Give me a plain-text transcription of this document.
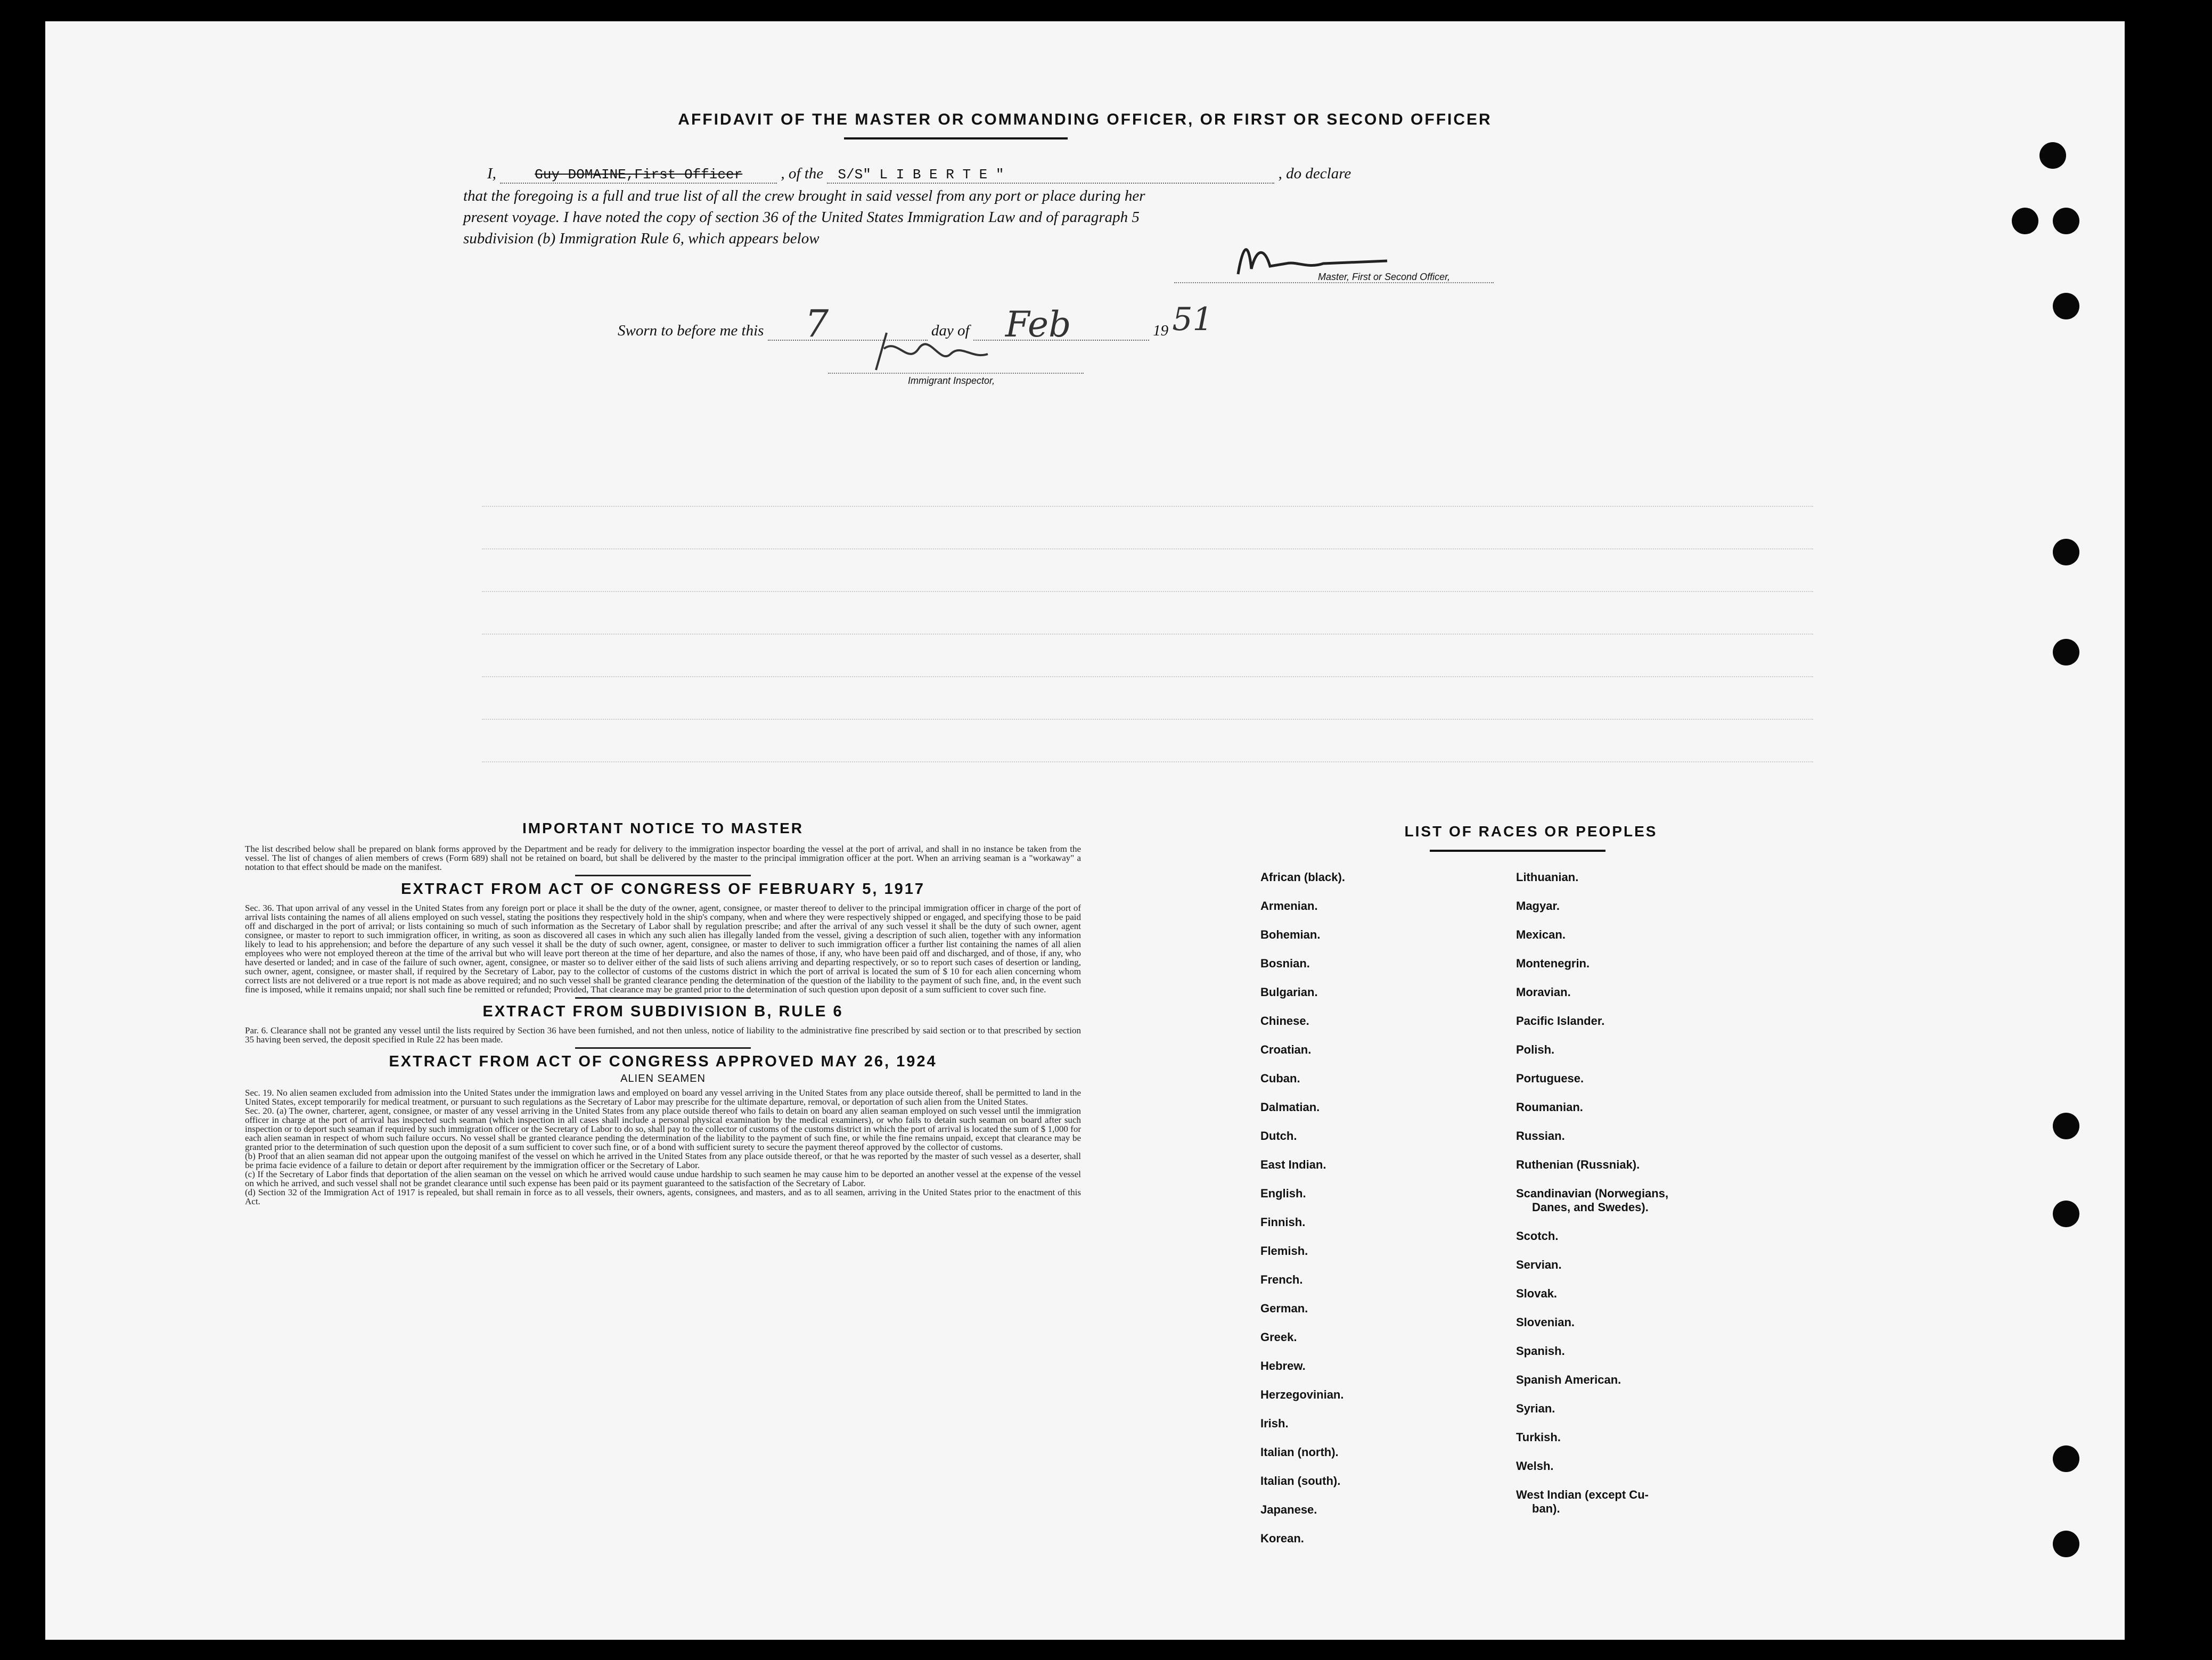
AFFIDAVIT OF THE MASTER OR COMMANDING OFFICER, OR FIRST OR SECOND OFFICER
I,	Guy DOMAINE,First Officer , of the S/S" L I B E R T E "	, do declare
that the foregoing is a full and true list of all the crew brought in said vessel from any port or place during her
present voyage. I have noted the copy of section 36 of the United States Immigration Law and of paragraph 5
subdivision (b) Immigration Rule 6, which appears below
Master, First or Second Officer,
Sworn to before me this 7	day of Feb	19 51
Immigrant Inspector,
IMPORTANT NOTICE TO MASTER
The list described below shall be prepared on blank forms approved by the Department and be ready for delivery to the immigration inspector boarding the vessel at the port of arrival, and shall in no instance be taken from the vessel. The list of changes of alien members of crews (Form 689) shall not be retained on board, but shall be delivered by the master to the principal immigration officer at the port. When an arriving seaman is a "workaway" a notation to that effect should be made on the manifest.
EXTRACT FROM ACT OF CONGRESS OF FEBRUARY 5, 1917
Sec. 36. That upon arrival of any vessel in the United States from any foreign port or place it shall be the duty of the owner, agent, consignee, or master thereof to deliver to the principal immigration officer in charge of the port of arrival lists containing the names of all aliens employed on such vessel, stating the positions they respectively hold in the ship's company, when and where they were respectively shipped or engaged, and specifying those to be paid off and discharged in the port of arrival; or lists containing so much of such information as the Secretary of Labor shall by regulation prescribe; and after the arrival of any such vessel it shall be the duty of such owner, agent consignee, or master to report to such immigration officer, in writing, as soon as discovered all cases in which any such alien has illegally landed from the vessel, giving a description of such alien, together with any information likely to lead to his apprehension; and before the departure of any such vessel it shall be the duty of such owner, agent, consignee, or master to deliver to such immigration officer a further list containing the names of all alien employees who were not employed thereon at the time of the arrival but who will leave port thereon at the time of her departure, and also the names of those, if any, who have been paid off and discharged, and of those, if any, who have deserted or landed; and in case of the failure of such owner, agent, consignee, or master so to deliver either of the said lists of such aliens arriving and departing respectively, or so to report such cases of desertion or landing, such owner, agent, consignee, or master shall, if required by the Secretary of Labor, pay to the collector of customs of the customs district in which the port of arrival is located the sum of $ 10 for each alien concerning whom correct lists are not delivered or a true report is not made as above required; and no such vessel shall be granted clearance pending the determination of the question of the liability to the payment of such fine, and, in the event such fine is imposed, while it remains unpaid; nor shall such fine be remitted or refunded; Provided, That clearance may be granted prior to the determination of such question upon deposit of a sum sufficient to cover such fine.
EXTRACT FROM SUBDIVISION B, RULE 6
Par. 6. Clearance shall not be granted any vessel until the lists required by Section 36 have been furnished, and not then unless, notice of liability to the administrative fine prescribed by said section or to that prescribed by section 35 having been served, the deposit specified in Rule 22 has been made.
EXTRACT FROM ACT OF CONGRESS APPROVED MAY 26, 1924
ALIEN SEAMEN
Sec. 19. No alien seamen excluded from admission into the United States under the immigration laws and employed on board any vessel arriving in the United States from any place outside thereof, shall be permitted to land in the United States, except temporarily for medical treatment, or pursuant to such regulations as the Secretary of Labor may prescribe for the ultimate departure, removal, or deportation of such alien from the United States.
Sec. 20. (a) The owner, charterer, agent, consignee, or master of any vessel arriving in the United States from any place outside thereof who fails to detain on board any alien seaman employed on such vessel until the immigration officer in charge at the port of arrival has inspected such seaman (which inspection in all cases shall include a personal physical examination by the medical examiners), or who fails to detain such seaman on board after such inspection or to deport such seaman if required by such immigration officer or the Secretary of Labor to do so, shall pay to the collector of customs of the customs district in which the port of arrival is located the sum of $ 1,000 for each alien seaman in respect of whom such failure occurs. No vessel shall be granted clearance pending the determination of the liability to the payment of such fine, or while the fine remains unpaid, except that clearance may be granted prior to the determination of such question upon the deposit of a sum sufficient to cover such fine, or of a bond with sufficient surety to secure the payment thereof approved by the collector of customs.
(b) Proof that an alien seaman did not appear upon the outgoing manifest of the vessel on which he arrived in the United States from any place outside thereof, or that he was reported by the master of such vessel as a deserter, shall be prima facie evidence of a failure to detain or deport after requirement by the immigration officer or the Secretary of Labor.
(c) If the Secretary of Labor finds that deportation of the alien seaman on the vessel on which he arrived would cause undue hardship to such seamen he may cause him to be deported an another vessel at the expense of the vessel on which he arrived, and such vessel shall not be grandet clearance until such expense has been paid or its payment guaranteed to the satisfaction of the Secretary of Labor.
(d) Section 32 of the Immigration Act of 1917 is repealed, but shall remain in force as to all vessels, their owners, agents, consignees, and masters, and as to all seamen, arriving in the United States prior to the enactment of this Act.
LIST OF RACES OR PEOPLES
African (black).
Armenian.
Bohemian.
Bosnian.
Bulgarian.
Chinese.
Croatian.
Cuban.
Dalmatian.
Dutch.
East Indian.
English.
Finnish.
Flemish.
French.
German.
Greek.
Hebrew.
Herzegovinian.
Irish.
Italian (north).
Italian (south).
Japanese.
Korean.
Lithuanian.
Magyar.
Mexican.
Montenegrin.
Moravian.
Pacific Islander.
Polish.
Portuguese.
Roumanian.
Russian.
Ruthenian (Russniak).
Scandinavian (Norwegians,
Danes, and Swedes).
Scotch.
Servian.
Slovak.
Slovenian.
Spanish.
Spanish American.
Syrian.
Turkish.
Welsh.
West Indian (except Cu-
ban).
